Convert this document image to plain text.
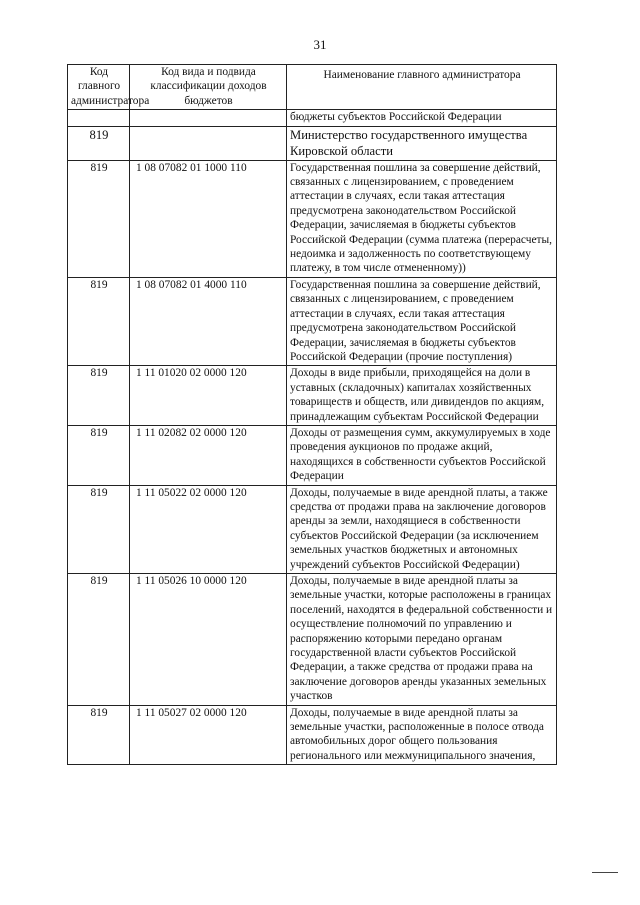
31
Код главного администратора	Код вида и подвида классификации доходов бюджетов	Наименование главного администратора
		бюджеты субъектов Российской Федерации
819		Министерство государственного имущества Кировской области
819	1 08 07082 01 1000 110	Государственная пошлина за совершение действий, связанных с лицензированием, с проведением аттестации в случаях, если такая аттестация предусмотрена законодательством Российской Федерации, зачисляемая в бюджеты субъектов Российской Федерации (сумма платежа (перерасчеты, недоимка и задолженность по соответствующему платежу, в том числе отмененному))
819	1 08 07082 01 4000 110	Государственная пошлина за совершение действий, связанных с лицензированием, с проведением аттестации в случаях, если такая аттестация предусмотрена законодательством Российской Федерации, зачисляемая в бюджеты субъектов Российской Федерации (прочие поступления)
819	1 11 01020 02 0000 120	Доходы в виде прибыли, приходящейся на доли в уставных (складочных) капиталах хозяйственных товариществ и обществ, или дивидендов по акциям, принадлежащим субъектам Российской Федерации
819	1 11 02082 02 0000 120	Доходы от размещения сумм, аккумулируемых в ходе проведения аукционов по продаже акций, находящихся в собственности субъектов Российской Федерации
819	1 11 05022 02 0000 120	Доходы, получаемые в виде арендной платы, а также средства от продажи права на заключение договоров аренды за земли, находящиеся в собственности субъектов Российской Федерации (за исключением земельных участков бюджетных и автономных учреждений субъектов Российской Федерации)
819	1 11 05026 10 0000 120	Доходы, получаемые в виде арендной платы за земельные участки, которые расположены в границах поселений, находятся в федеральной собственности и осуществление полномочий по управлению и распоряжению которыми передано органам государственной власти субъектов Российской Федерации, а также средства от продажи права на заключение договоров аренды указанных земельных участков
819	1 11 05027 02 0000 120	Доходы, получаемые в виде арендной платы за земельные участки, расположенные в полосе отвода автомобильных дорог общего пользования регионального или межмуниципального значения,
